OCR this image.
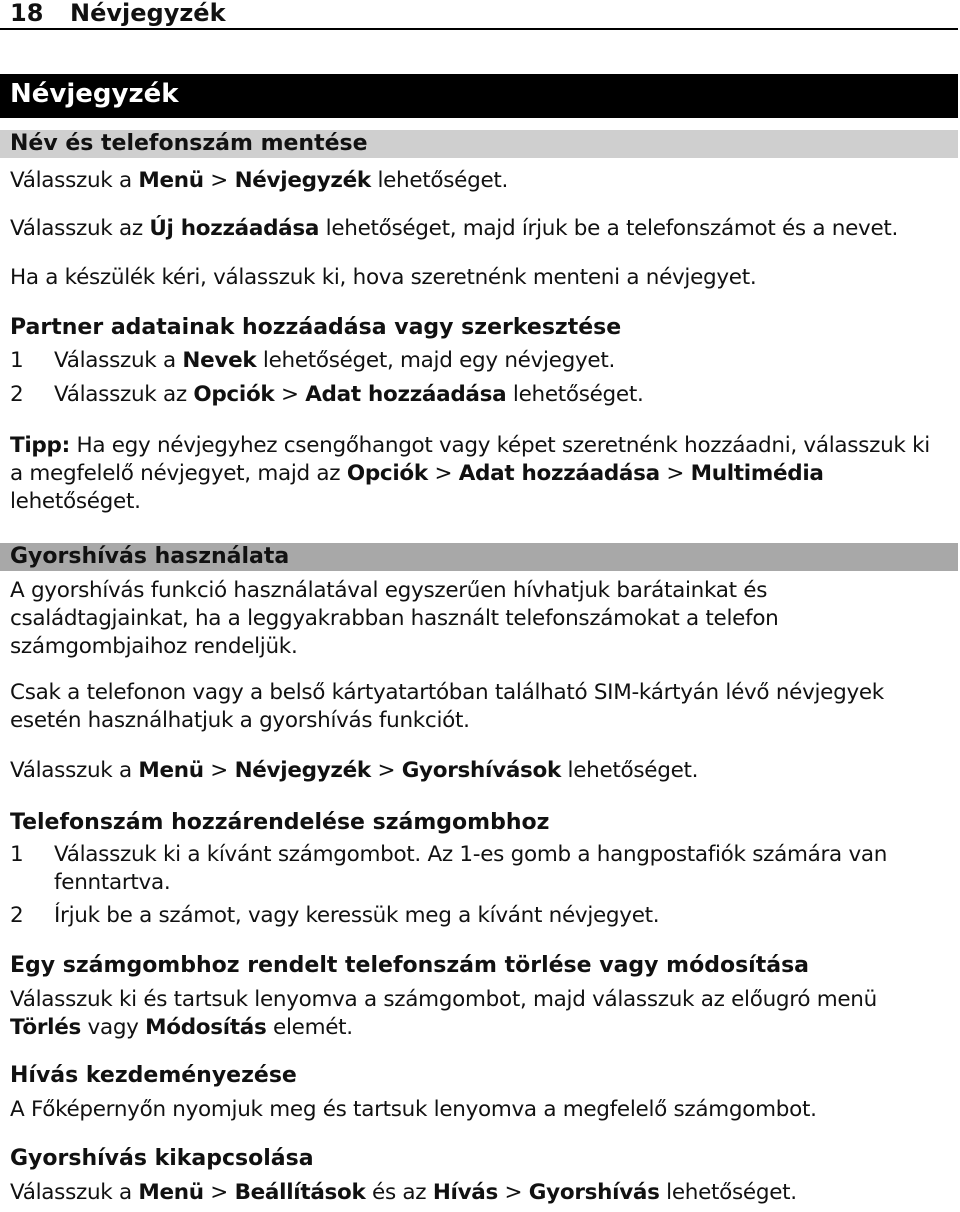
18 Névjegyzék
Névjegyzék
Név és telefonszám mentése
Válasszuk a Menü > Névjegyzék lehetőséget.
Válasszuk az Új hozzáadása lehetőséget, majd írjuk be a telefonszámot és a nevet.
Ha a készülék kéri, válasszuk ki, hova szeretnénk menteni a névjegyet.
Partner adatainak hozzáadása vagy szerkesztése
1 Válasszuk a Nevek lehetőséget, majd egy névjegyet.
2 Válasszuk az Opciók > Adat hozzáadása lehetőséget.
Tipp: Ha egy névjegyhez csengőhangot vagy képet szeretnénk hozzáadni, válasszuk ki
a megfelelő névjegyet, majd az Opciók > Adat hozzáadása > Multimédia
lehetőséget.
Gyorshívás használata
A gyorshívás funkció használatával egyszerűen hívhatjuk barátainkat és
családtagjainkat, ha a leggyakrabban használt telefonszámokat a telefon
számgombjaihoz rendeljük.
Csak a telefonon vagy a belső kártyatartóban található SIM-kártyán lévő névjegyek
esetén használhatjuk a gyorshívás funkciót.
Válasszuk a Menü > Névjegyzék > Gyorshívások lehetőséget.
Telefonszám hozzárendelése számgombhoz
1 Válasszuk ki a kívánt számgombot. Az 1-es gomb a hangpostafiók számára van
fenntartva.
2 Írjuk be a számot, vagy keressük meg a kívánt névjegyet.
Egy számgombhoz rendelt telefonszám törlése vagy módosítása
Válasszuk ki és tartsuk lenyomva a számgombot, majd válasszuk az előugró menü
Törlés vagy Módosítás elemét.
Hívás kezdeményezése
A Főképernyőn nyomjuk meg és tartsuk lenyomva a megfelelő számgombot.
Gyorshívás kikapcsolása
Válasszuk a Menü > Beállítások és az Hívás > Gyorshívás lehetőséget.
